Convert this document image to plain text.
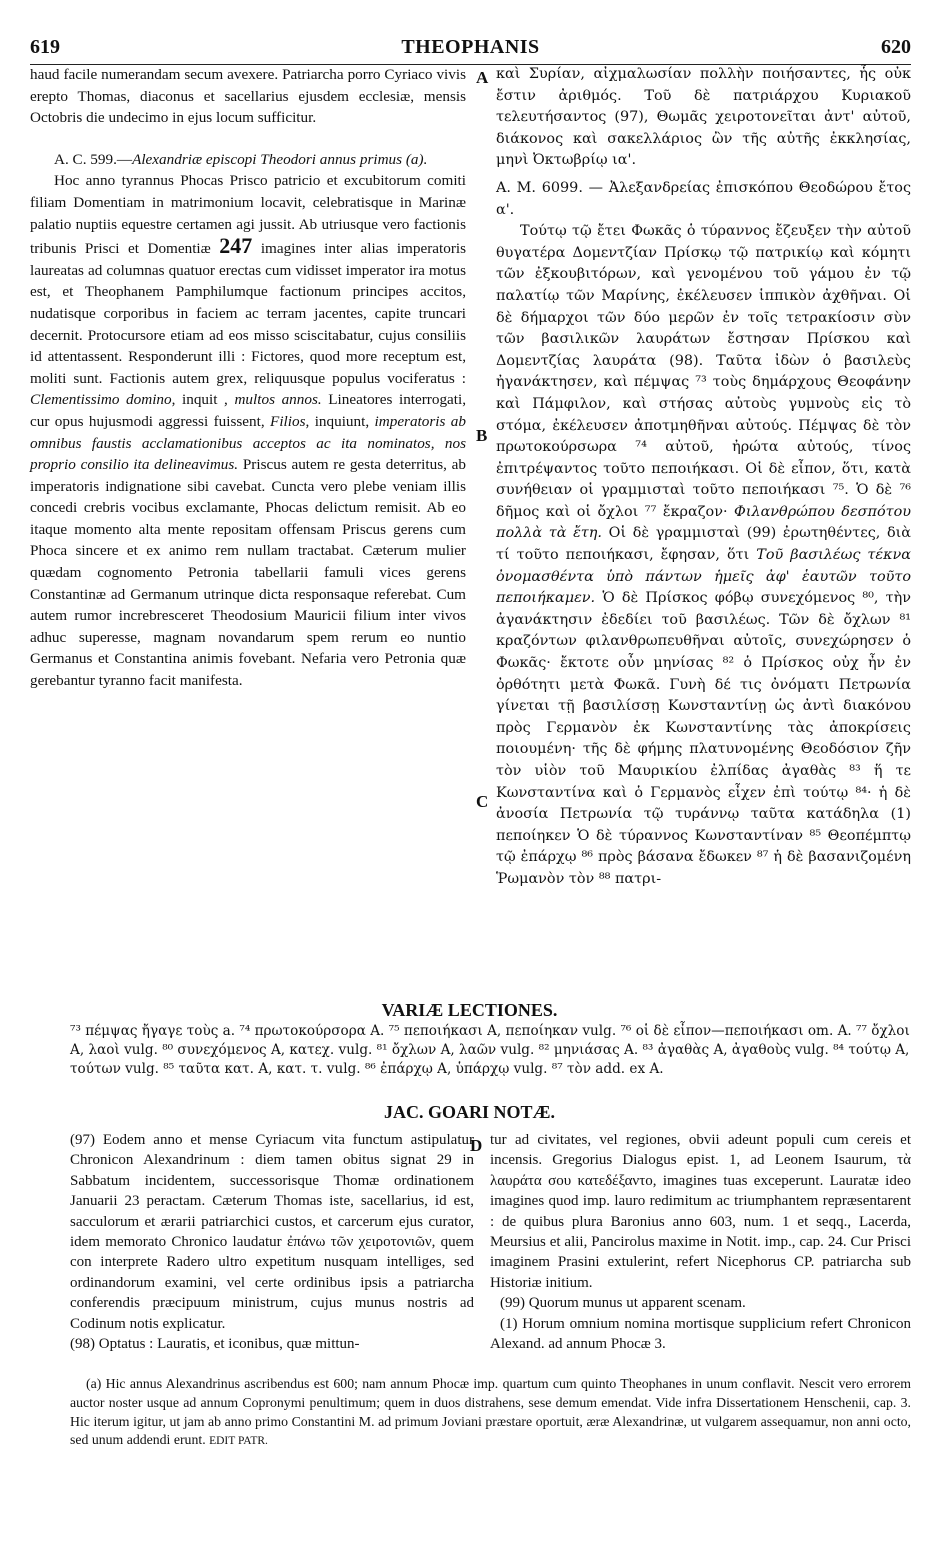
619	THEOPHANIS	620
A
B
C
D

haud facile numerandam secum avexere. Patriarcha porro Cyriaco vivis erepto Thomas, diaconus et sacellarius ejusdem ecclesiæ, mensis Octobris die undecimo in ejus locum sufficitur.

A. C. 599.—Alexandriæ episcopi Theodori annus primus (a).

Hoc anno tyrannus Phocas Prisco patricio et excubitorum comiti filiam Domentiam in matrimonium locavit, celebratisque in Marinæ palatio nuptiis equestre certamen agi jussit. Ab utriusque vero factionis tribunis Prisci et Domentiæ 247 imagines inter alias imperatoris laureatas ad columnas quatuor erectas cum vidisset imperator ira motus est, et Theophanem Pamphilumque factionum principes accitos, nudatisque corporibus in faciem ac terram jacentes, capite truncari decernit. Protocursore etiam ad eos misso sciscitabatur, cujus consiliis id attentassent. Responderunt illi : Fictores, quod more receptum est, moliti sunt. Factionis autem grex, reliquusque populus vociferatus : Clementissimo domino, inquit , multos annos. Lineatores interrogati, cur opus hujusmodi aggressi fuissent, Filios, inquiunt, imperatoris ab omnibus faustis acclamationibus acceptos ac ita nominatos, nos proprio consilio ita delineavimus. Priscus autem re gesta deterritus, ab imperatoris indignatione sibi cavebat. Cuncta vero plebe veniam illis concedi crebris vocibus exclamante, Phocas delictum remisit. Ab eo itaque momento alta mente repositam offensam Priscus gerens cum Phoca sincere et ex animo rem nullam tractabat. Cæterum mulier quædam cognomento Petronia tabellarii famuli vices gerens Constantinæ ad Germanum utrinque dicta responsaque referebat. Cum autem rumor increbresceret Theodosium Mauricii filium inter vivos adhuc superesse, magnam novandarum spem rerum eo nuntio Germanus et Constantina animis fovebant. Nefaria vero Petronia quæ gerebantur tyranno facit manifesta.

καὶ Συρίαν, αἰχμαλωσίαν πολλὴν ποιήσαντες, ἧς οὐκ ἔστιν ἀριθμός. Τοῦ δὲ πατριάρχου Κυριακοῦ τελευτήσαντος (97), Θωμᾶς χειροτονεῖται ἀντ' αὐτοῦ, διάκονος καὶ σακελλάριος ὢν τῆς αὐτῆς ἐκκλησίας, μηνὶ Ὀκτωβρίῳ ια'.

A. M. 6099. — Ἀλεξανδρείας ἐπισκόπου Θεοδώρου ἔτος α'.

Τούτῳ τῷ ἔτει Φωκᾶς ὁ τύραννος ἔζευξεν τὴν αὐτοῦ θυγατέρα Δομεντζίαν Πρίσκῳ τῷ πατρικίῳ καὶ κόμητι τῶν ἐξκουβιτόρων, καὶ γενομένου τοῦ γάμου ἐν τῷ παλατίῳ τῶν Μαρίνης, ἐκέλευσεν ἱππικὸν ἀχθῆναι. Οἱ δὲ δήμαρχοι τῶν δύο μερῶν ἐν τοῖς τετρακίοσιν σὺν τῶν βασιλικῶν λαυράτων ἔστησαν Πρίσκου καὶ Δομεντζίας λαυράτα (98). Ταῦτα ἰδὼν ὁ βασιλεὺς ἠγανάκτησεν, καὶ πέμψας ⁷³ τοὺς δημάρχους Θεοφάνην καὶ Πάμφιλον, καὶ στήσας αὐτοὺς γυμνοὺς εἰς τὸ στόμα, ἐκέλευσεν ἀποτμηθῆναι αὐτούς. Πέμψας δὲ τὸν πρωτοκούρσωρα ⁷⁴ αὐτοῦ, ἠρώτα αὐτούς, τίνος ἐπιτρέψαντος τοῦτο πεποιήκασι. Οἱ δὲ εἶπον, ὅτι, κατὰ συνήθειαν οἱ γραμμισταὶ τοῦτο πεποιήκασι ⁷⁵. Ὁ δὲ ⁷⁶ δῆμος καὶ οἱ ὄχλοι ⁷⁷ ἔκραζον· Φιλανθρώπου δεσπότου πολλὰ τὰ ἔτη. Οἱ δὲ γραμμισταὶ (99) ἐρωτηθέντες, διὰ τί τοῦτο πεποιήκασι, ἔφησαν, ὅτι Τοῦ βασιλέως τέκνα ὀνομασθέντα ὑπὸ πάντων ἡμεῖς ἀφ' ἑαυτῶν τοῦτο πεποιήκαμεν. Ὁ δὲ Πρίσκος φόβῳ συνεχόμενος ⁸⁰, τὴν ἀγανάκτησιν ἐδεδίει τοῦ βασιλέως. Τῶν δὲ ὄχλων ⁸¹ κραζόντων φιλανθρωπευθῆναι αὐτοῖς, συνεχώρησεν ὁ Φωκᾶς· ἔκτοτε οὖν μηνίσας ⁸² ὁ Πρίσκος οὐχ ἦν ἐν ὀρθότητι μετὰ Φωκᾶ. Γυνὴ δέ τις ὀνόματι Πετρωνία γίνεται τῇ βασιλίσσῃ Κωνσταντίνῃ ὡς ἀντὶ διακόνου πρὸς Γερμανὸν ἐκ Κωνσταντίνης τὰς ἀποκρίσεις ποιουμένη· τῆς δὲ φήμης πλατυνομένης Θεοδόσιον ζῆν τὸν υἱὸν τοῦ Μαυρικίου ἐλπίδας ἀγαθὰς ⁸³ ἥ τε Κωνσταντίνα καὶ ὁ Γερμανὸς εἶχεν ἐπὶ τούτῳ ⁸⁴· ἡ δὲ ἀνοσία Πετρωνία τῷ τυράννῳ ταῦτα κατάδηλα (1) πεποίηκεν Ὁ δὲ τύραννος Κωνσταντίναν ⁸⁵ Θεοπέμπτῳ τῷ ἐπάρχῳ ⁸⁶ πρὸς βάσανα ἔδωκεν ⁸⁷ ἡ δὲ βασανιζομένη Ῥωμανὸν τὸν ⁸⁸ πατρι-

VARIÆ LECTIONES.
⁷³ πέμψας ἤγαγε τοὺς a. ⁷⁴ πρωτοκούρσορα A. ⁷⁵ πεποιήκασι A, πεποίηκαν vulg. ⁷⁶ οἱ δὲ εἶπον—πεποιήκασι om. A. ⁷⁷ ὄχλοι A, λαοὶ vulg. ⁸⁰ συνεχόμενος A, κατεχ. vulg. ⁸¹ ὄχλων A, λαῶν vulg. ⁸² μηνιάσας A. ⁸³ ἀγαθὰς A, ἀγαθοὺς vulg. ⁸⁴ τούτῳ A, τούτων vulg. ⁸⁵ ταῦτα κατ. A, κατ. τ. vulg. ⁸⁶ ἐπάρχῳ A, ὑπάρχῳ vulg. ⁸⁷ τὸν add. ex A.
JAC. GOARI NOTÆ.

(97) Eodem anno et mense Cyriacum vita functum astipulatur Chronicon Alexandrinum : diem tamen obitus signat 29 in Sabbatum incidentem, successorisque Thomæ ordinationem Januarii 23 peractam. Cæterum Thomas iste, sacellarius, id est, sacculorum et ærarii patriarchici custos, et carcerum ejus curator, idem memorato Chronico laudatur ἐπάνω τῶν χειροτονιῶν, quem con interprete Radero ultro expetitum nusquam intelliges, sed ordinandorum examini, vel certe ordinibus ipsis a patriarcha conferendis præcipuum ministrum, cujus munus nostris ad Codinum notis explicatur.

(98) Optatus : Lauratis, et iconibus, quæ mittun-

tur ad civitates, vel regiones, obvii adeunt populi cum cereis et incensis. Gregorius Dialogus epist. 1, ad Leonem Isaurum, τὰ λαυράτα σου κατεδέξαντο, imagines tuas exceperunt. Lauratæ ideo imagines quod imp. lauro redimitum ac triumphantem repræsentarent : de quibus plura Baronius anno 603, num. 1 et seqq., Lacerda, Meursius et alii, Pancirolus maxime in Notit. imp., cap. 24. Cur Prisci imaginem Prasini extulerint, refert Nicephorus CP. patriarcha sub Historiæ initium.

(99) Quorum munus ut apparent scenam.

(1) Horum omnium nomina mortisque supplicium refert Chronicon Alexand. ad annum Phocæ 3.

(a) Hic annus Alexandrinus ascribendus est 600; nam annum Phocæ imp. quartum cum quinto Theophanes in unum conflavit. Nescit vero errorem auctor noster usque ad annum Copronymi penultimum; quem in duos distrahens, sese demum emendat. Vide infra Dissertationem Henschenii, cap. 3. Hic iterum igitur, ut jam ab anno primo Constantini M. ad primum Joviani præstare oportuit, æræ Alexandrinæ, ut vulgarem assequamur, non anni octo, sed unum addendi erunt. EDIT PATR.
